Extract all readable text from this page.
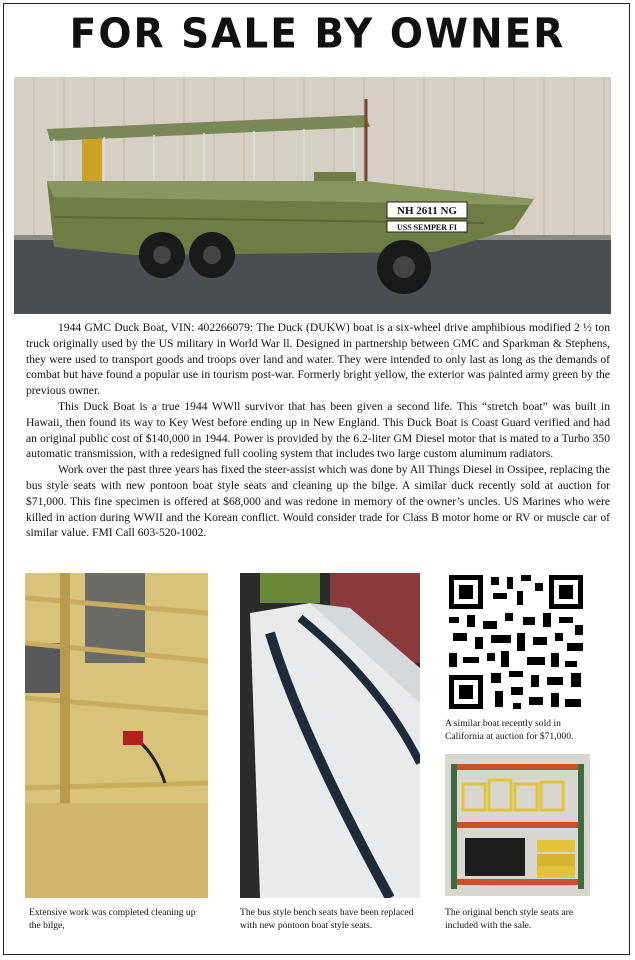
FOR SALE BY OWNER
NH 2611 NG
USS SEMPER FI

1944 GMC Duck Boat, VIN: 402266079: The Duck (DUKW) boat is a six-wheel drive amphibious modified 2 ½ ton truck originally used by the US military in World War ll. Designed in partnership between GMC and Sparkman & Stephens, they were used to transport goods and troops over land and water. They were intended to only last as long as the demands of combat but have found a popular use in tourism post-war. Formerly bright yellow, the exterior was painted army green by the previous owner.

This Duck Boat is a true 1944 WWll survivor that has been given a second life. This “stretch boat” was built in Hawaii, then found its way to Key West before ending up in New England. This Duck Boat is Coast Guard verified and had an original public cost of $140,000 in 1944. Power is provided by the 6.2-liter GM Diesel motor that is mated to a Turbo 350 automatic transmission, with a redesigned full cooling system that includes two large custom aluminum radiators.

Work over the past three years has fixed the steer-assist which was done by All Things Diesel in Ossipee, replacing the bus style seats with new pontoon boat style seats and cleaning up the bilge. A similar duck recently sold at auction for $71,000. This fine specimen is offered at $68,000 and was redone in memory of the owner’s uncles. US Marines who were killed in action during WWII and the Korean conflict. Would consider trade for Class B motor home or RV or muscle car of similar value. FMI Call 603-520-1002.

Extensive work was completed cleaning up the bilge,
The bus style bench seats have been replaced with new pontoon boat style seats.
A similar boat recently sold in California at auction for $71,000.
The original bench style seats are included with the sale.
